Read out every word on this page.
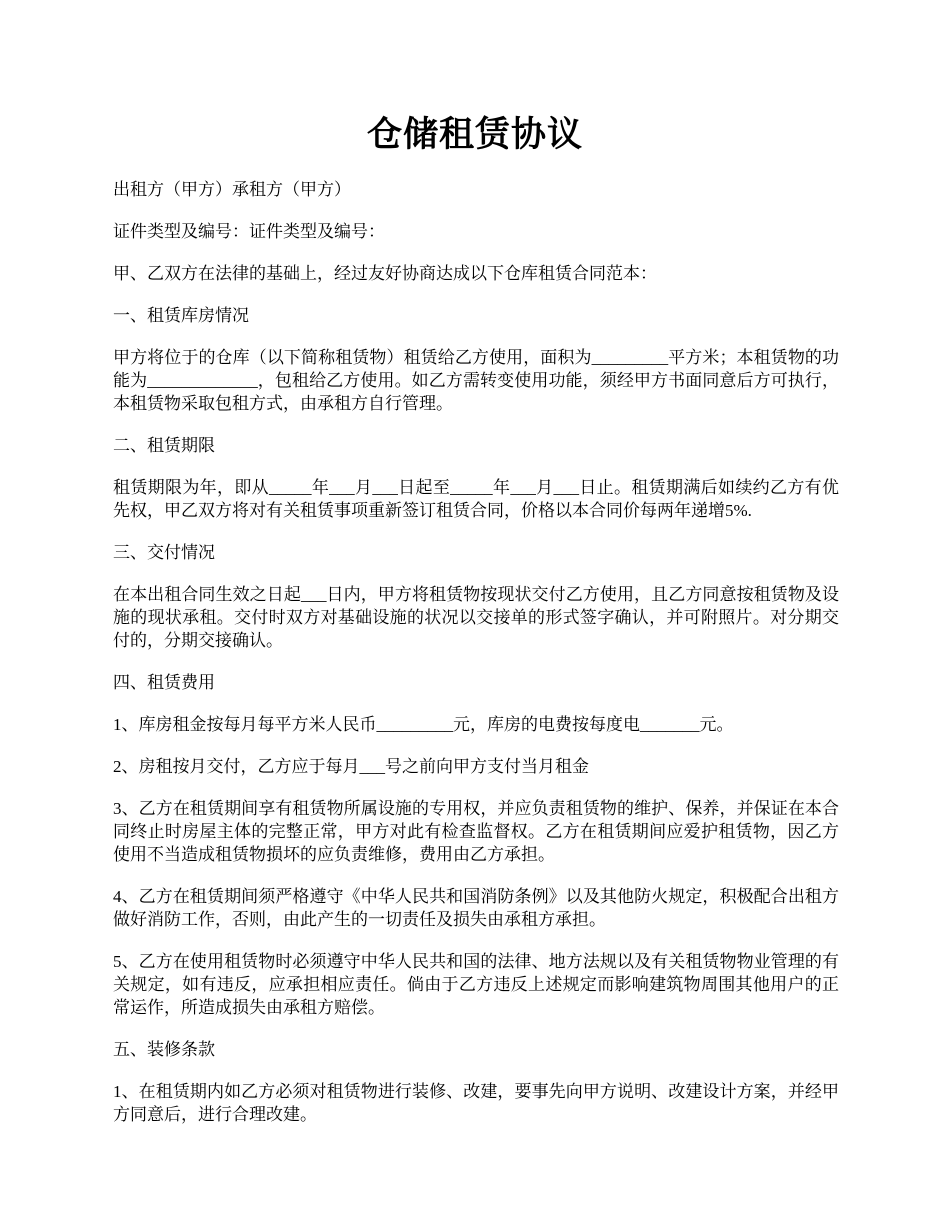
仓储租赁协议

出租方（甲方）承租方（甲方）

证件类型及编号：证件类型及编号：

甲、乙双方在法律的基础上，经过友好协商达成以下仓库租赁合同范本：

一、租赁库房情况

甲方将位于的仓库（以下简称租赁物）租赁给乙方使用，面积为_________平方米；本租赁物的功能为_____________，包租给乙方使用。如乙方需转变使用功能，须经甲方书面同意后方可执行，本租赁物采取包租方式，由承租方自行管理。

二、租赁期限

租赁期限为年，即从_____年___月___日起至_____年___月___日止。租赁期满后如续约乙方有优先权，甲乙双方将对有关租赁事项重新签订租赁合同，价格以本合同价每两年递增5%.

三、交付情况

在本出租合同生效之日起___日内，甲方将租赁物按现状交付乙方使用，且乙方同意按租赁物及设施的现状承租。交付时双方对基础设施的状况以交接单的形式签字确认，并可附照片。对分期交付的，分期交接确认。

四、租赁费用

1、库房租金按每月每平方米人民币_________元，库房的电费按每度电_______元。

2、房租按月交付，乙方应于每月___号之前向甲方支付当月租金

3、乙方在租赁期间享有租赁物所属设施的专用权，并应负责租赁物的维护、保养，并保证在本合同终止时房屋主体的完整正常，甲方对此有检查监督权。乙方在租赁期间应爱护租赁物，因乙方使用不当造成租赁物损坏的应负责维修，费用由乙方承担。

4、乙方在租赁期间须严格遵守《中华人民共和国消防条例》以及其他防火规定，积极配合出租方做好消防工作，否则，由此产生的一切责任及损失由承租方承担。

5、乙方在使用租赁物时必须遵守中华人民共和国的法律、地方法规以及有关租赁物物业管理的有关规定，如有违反，应承担相应责任。倘由于乙方违反上述规定而影响建筑物周围其他用户的正常运作，所造成损失由承租方赔偿。

五、装修条款

1、在租赁期内如乙方必须对租赁物进行装修、改建，要事先向甲方说明、改建设计方案，并经甲方同意后，进行合理改建。
